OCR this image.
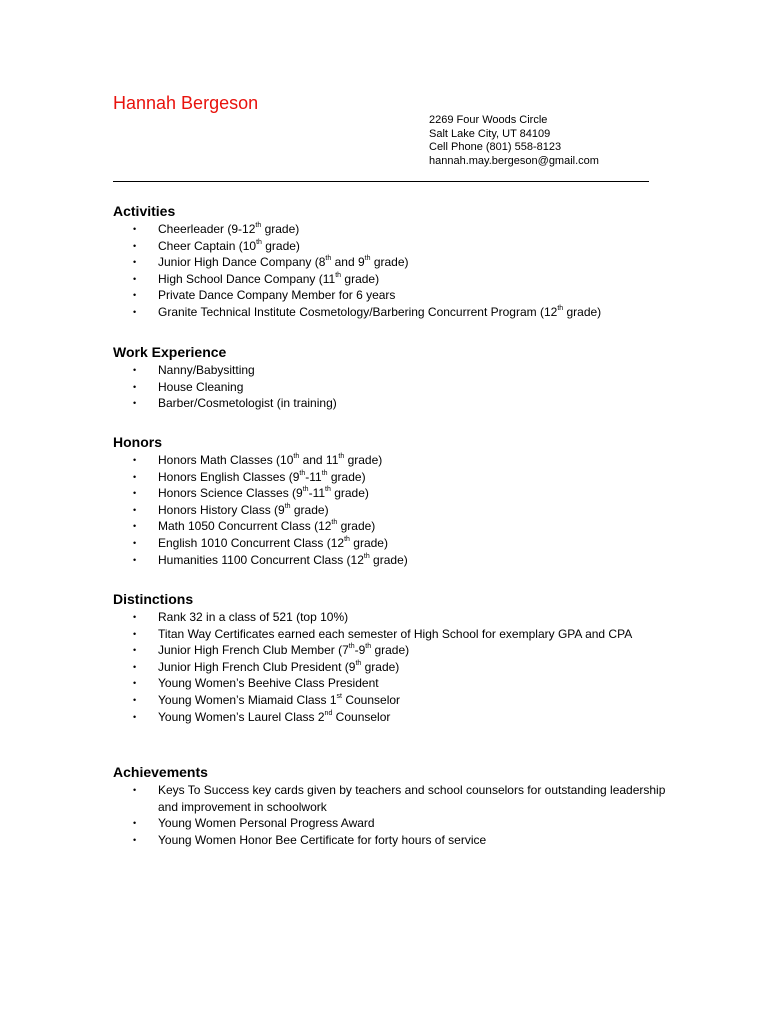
Hannah Bergeson
2269 Four Woods Circle
Salt Lake City, UT 84109
Cell Phone (801) 558-8123
hannah.may.bergeson@gmail.com
Activities
• Cheerleader (9-12th grade)
• Cheer Captain (10th grade)
• Junior High Dance Company (8th and 9th grade)
• High School Dance Company (11th grade)
• Private Dance Company Member for 6 years
• Granite Technical Institute Cosmetology/Barbering Concurrent Program (12th grade)
Work Experience
• Nanny/Babysitting
• House Cleaning
• Barber/Cosmetologist (in training)
Honors
• Honors Math Classes (10th and 11th grade)
• Honors English Classes (9th-11th grade)
• Honors Science Classes (9th-11th grade)
• Honors History Class (9th grade)
• Math 1050 Concurrent Class (12th grade)
• English 1010 Concurrent Class (12th grade)
• Humanities 1100 Concurrent Class (12th grade)
Distinctions
• Rank 32 in a class of 521 (top 10%)
• Titan Way Certificates earned each semester of High School for exemplary GPA and CPA
• Junior High French Club Member (7th-9th grade)
• Junior High French Club President (9th grade)
• Young Women’s Beehive Class President
• Young Women’s Miamaid Class 1st Counselor
• Young Women’s Laurel Class 2nd Counselor
Achievements
• Keys To Success key cards given by teachers and school counselors for outstanding leadership and improvement in schoolwork
• Young Women Personal Progress Award
• Young Women Honor Bee Certificate for forty hours of service
